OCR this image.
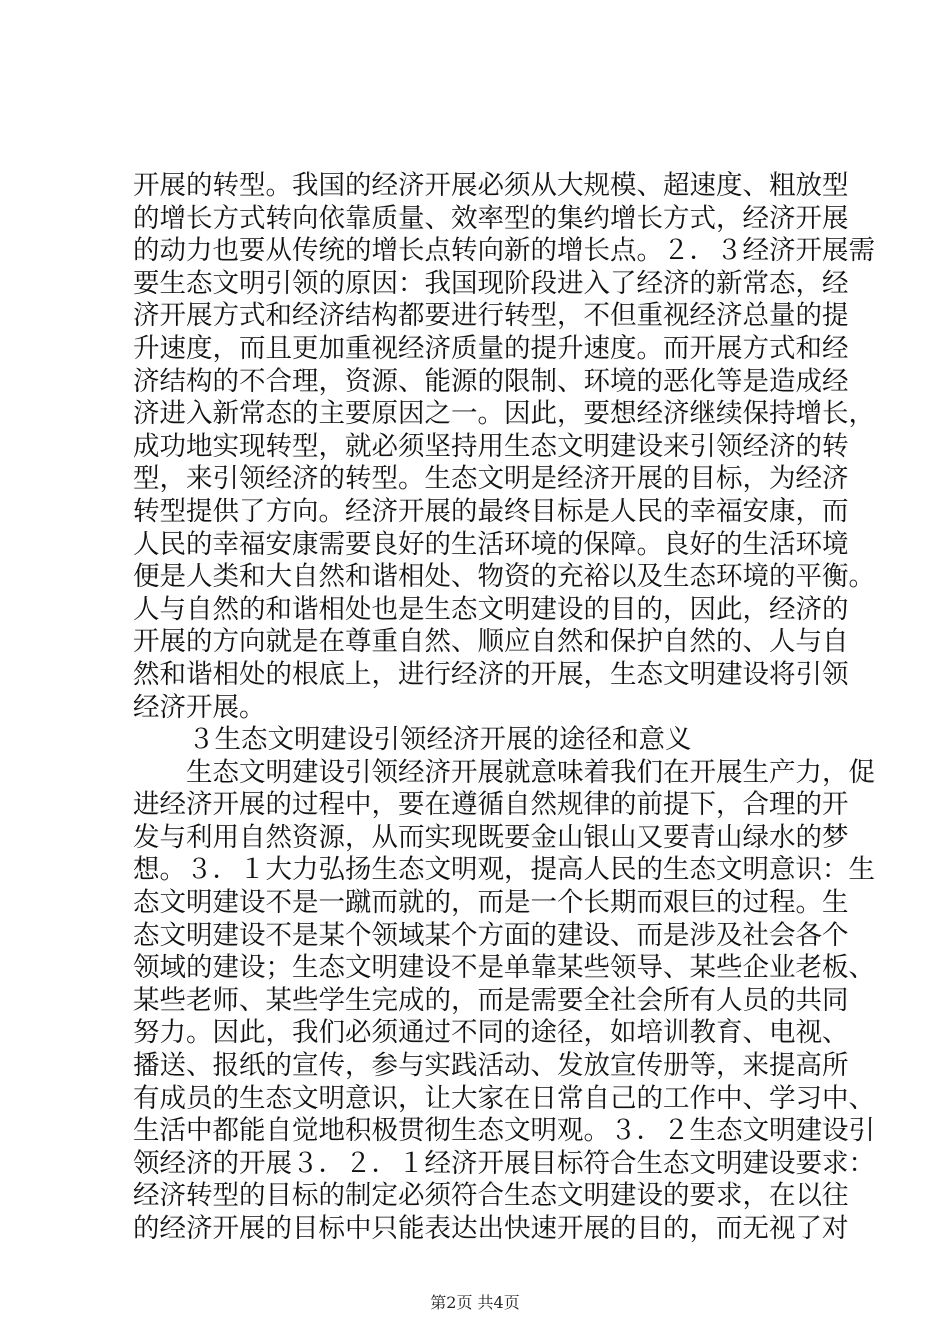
开展的转型。我国的经济开展必须从大规模、超速度、粗放型
的增长方式转向依靠质量、效率型的集约增长方式，经济开展
的动力也要从传统的增长点转向新的增长点。２．３经济开展需
要生态文明引领的原因：我国现阶段进入了经济的新常态，经
济开展方式和经济结构都要进行转型，不但重视经济总量的提
升速度，而且更加重视经济质量的提升速度。而开展方式和经
济结构的不合理，资源、能源的限制、环境的恶化等是造成经
济进入新常态的主要原因之一。因此，要想经济继续保持增长，
成功地实现转型，就必须坚持用生态文明建设来引领经济的转
型，来引领经济的转型。生态文明是经济开展的目标，为经济
转型提供了方向。经济开展的最终目标是人民的幸福安康，而
人民的幸福安康需要良好的生活环境的保障。良好的生活环境
便是人类和大自然和谐相处、物资的充裕以及生态环境的平衡。
人与自然的和谐相处也是生态文明建设的目的，因此，经济的
开展的方向就是在尊重自然、顺应自然和保护自然的、人与自
然和谐相处的根底上，进行经济的开展，生态文明建设将引领
经济开展。
３生态文明建设引领经济开展的途径和意义
生态文明建设引领经济开展就意味着我们在开展生产力，促
进经济开展的过程中，要在遵循自然规律的前提下，合理的开
发与利用自然资源，从而实现既要金山银山又要青山绿水的梦
想。３．１大力弘扬生态文明观，提高人民的生态文明意识：生
态文明建设不是一蹴而就的，而是一个长期而艰巨的过程。生
态文明建设不是某个领域某个方面的建设、而是涉及社会各个
领域的建设；生态文明建设不是单靠某些领导、某些企业老板、
某些老师、某些学生完成的，而是需要全社会所有人员的共同
努力。因此，我们必须通过不同的途径，如培训教育、电视、
播送、报纸的宣传，参与实践活动、发放宣传册等，来提高所
有成员的生态文明意识，让大家在日常自己的工作中、学习中、
生活中都能自觉地积极贯彻生态文明观。３．２生态文明建设引
领经济的开展３．２．１经济开展目标符合生态文明建设要求：
经济转型的目标的制定必须符合生态文明建设的要求，在以往
的经济开展的目标中只能表达出快速开展的目的，而无视了对
第2页 共4页
